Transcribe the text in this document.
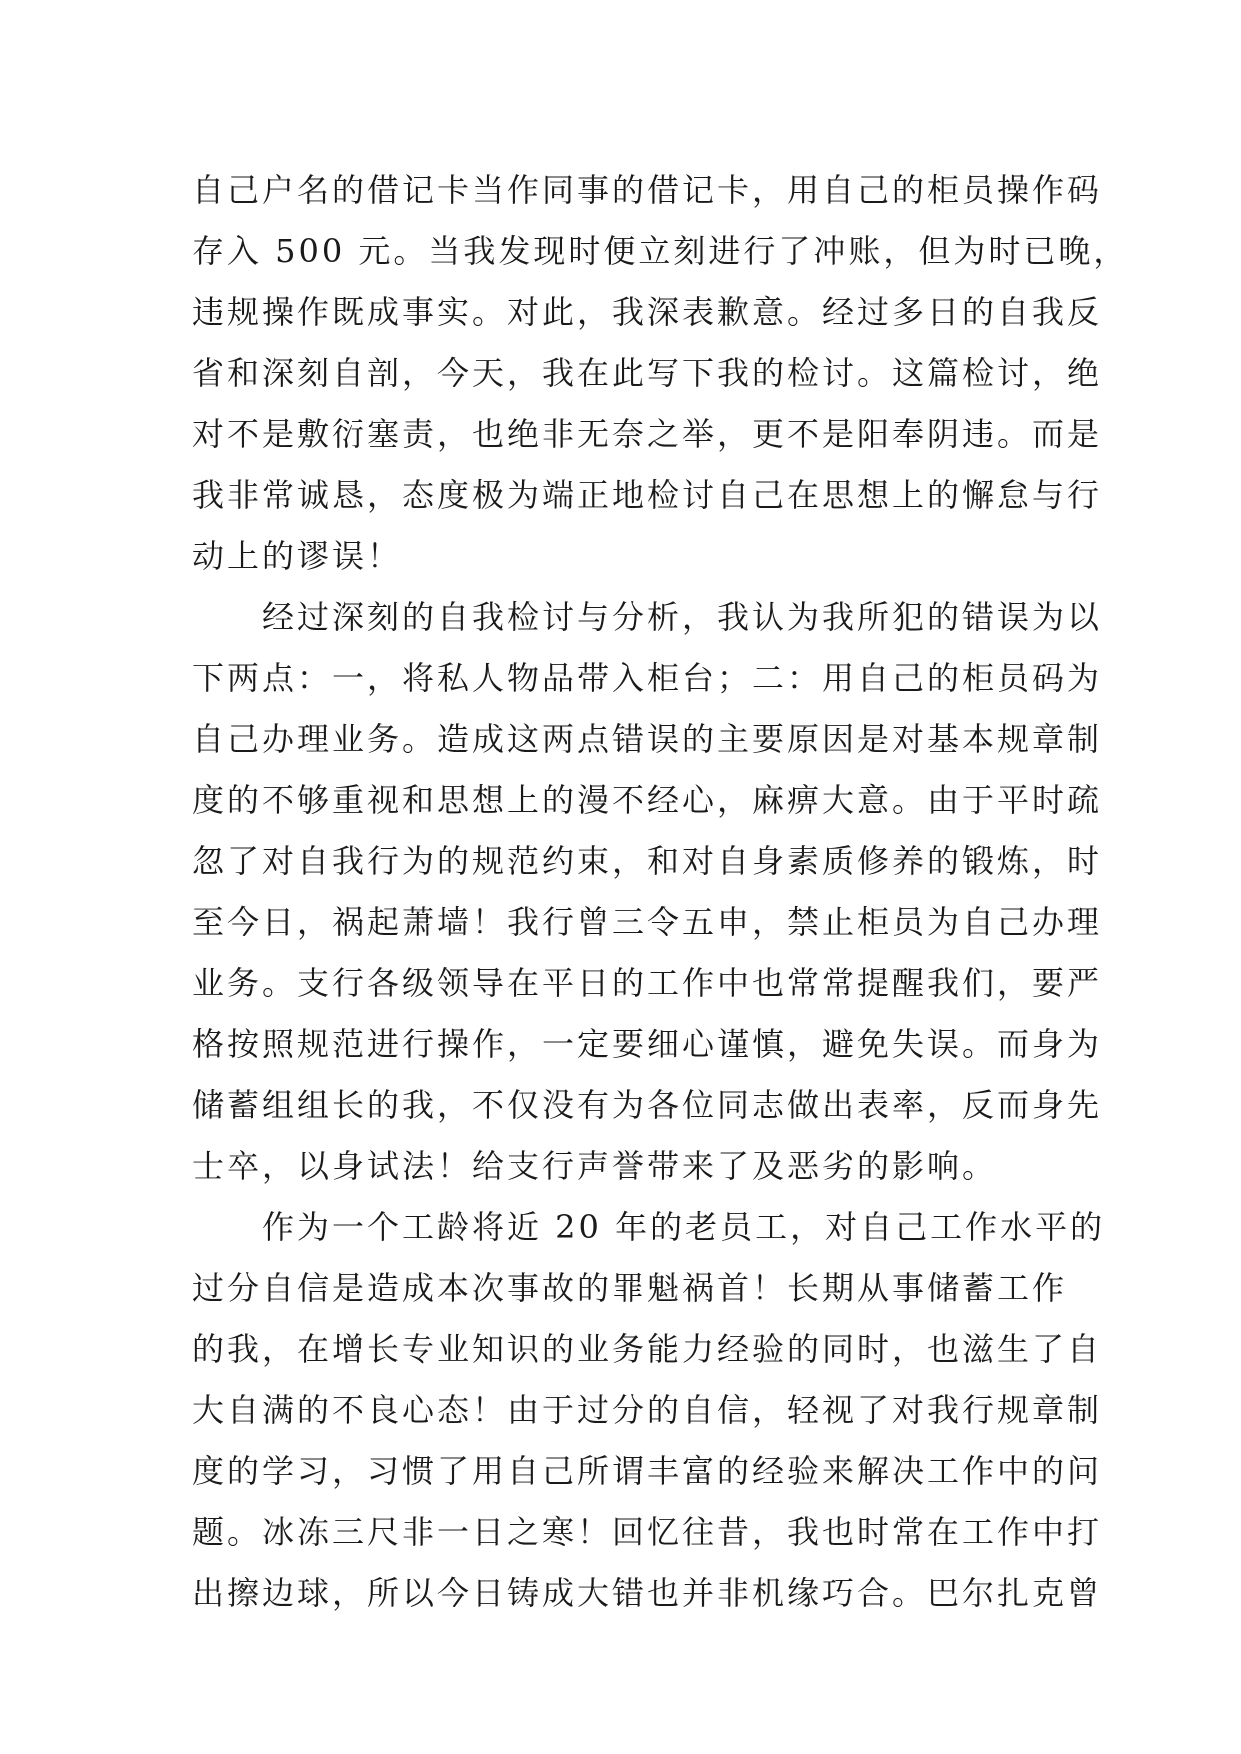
自己户名的借记卡当作同事的借记卡，用自己的柜员操作码
存入 500 元。当我发现时便立刻进行了冲账，但为时已晚，
违规操作既成事实。对此，我深表歉意。经过多日的自我反
省和深刻自剖，今天，我在此写下我的检讨。这篇检讨，绝
对不是敷衍塞责，也绝非无奈之举，更不是阳奉阴违。而是
我非常诚恳，态度极为端正地检讨自己在思想上的懈怠与行
动上的谬误！
经过深刻的自我检讨与分析，我认为我所犯的错误为以
下两点：一，将私人物品带入柜台；二：用自己的柜员码为
自己办理业务。造成这两点错误的主要原因是对基本规章制
度的不够重视和思想上的漫不经心，麻痹大意。由于平时疏
忽了对自我行为的规范约束，和对自身素质修养的锻炼，时
至今日，祸起萧墙！我行曾三令五申，禁止柜员为自己办理
业务。支行各级领导在平日的工作中也常常提醒我们，要严
格按照规范进行操作，一定要细心谨慎，避免失误。而身为
储蓄组组长的我，不仅没有为各位同志做出表率，反而身先
士卒，以身试法！给支行声誉带来了及恶劣的影响。
作为一个工龄将近 20 年的老员工，对自己工作水平的
过分自信是造成本次事故的罪魁祸首！长期从事储蓄工作
的我，在增长专业知识的业务能力经验的同时，也滋生了自
大自满的不良心态！由于过分的自信，轻视了对我行规章制
度的学习，习惯了用自己所谓丰富的经验来解决工作中的问
题。冰冻三尺非一日之寒！回忆往昔，我也时常在工作中打
出擦边球，所以今日铸成大错也并非机缘巧合。巴尔扎克曾
